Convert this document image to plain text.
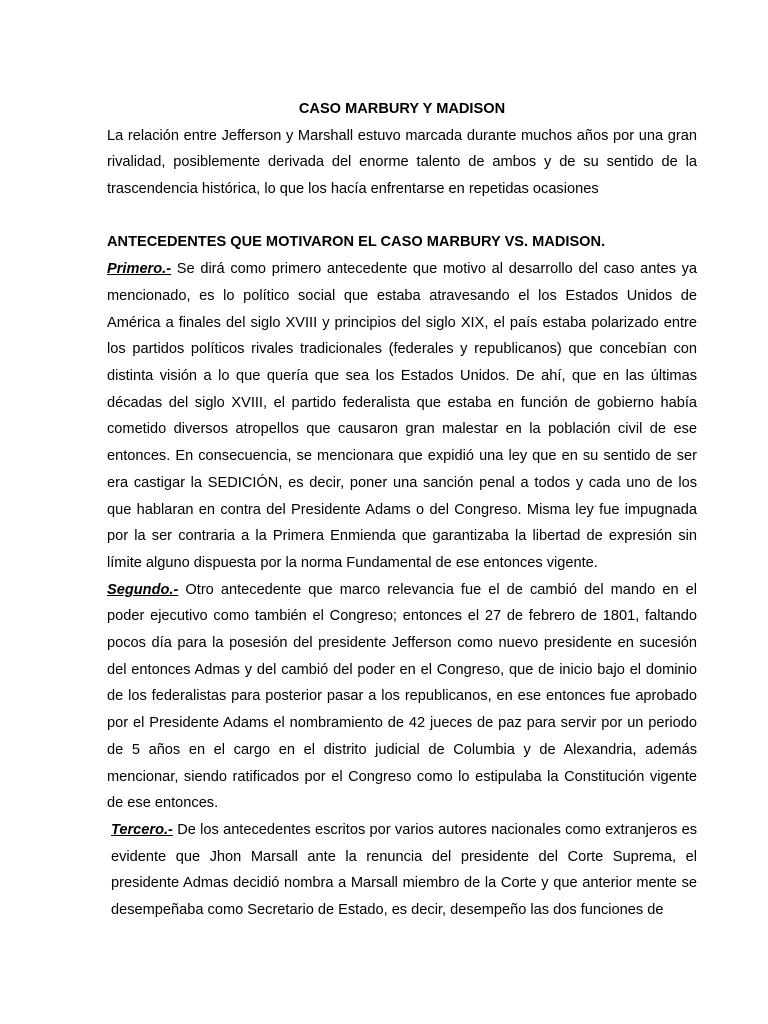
CASO MARBURY Y MADISON

La relación entre Jefferson y Marshall estuvo marcada durante muchos años por una gran rivalidad, posiblemente derivada del enorme talento de ambos y de su sentido de la trascendencia histórica, lo que los hacía enfrentarse en repetidas ocasiones

ANTECEDENTES QUE MOTIVARON EL CASO MARBURY VS. MADISON.

Primero.- Se dirá como primero antecedente que motivo al desarrollo del caso antes ya mencionado, es lo político social que estaba atravesando el los Estados Unidos de América a finales del siglo XVIII y principios del siglo XIX, el país estaba polarizado entre los partidos políticos rivales tradicionales (federales y republicanos) que concebían con distinta visión a lo que quería que sea los Estados Unidos. De ahí, que en las últimas décadas del siglo XVIII, el partido federalista que estaba en función de gobierno había cometido diversos atropellos que causaron gran malestar en la población civil de ese entonces. En consecuencia, se mencionara que expidió una ley que en su sentido de ser era castigar la SEDICIÓN, es decir, poner una sanción penal a todos y cada uno de los que hablaran en contra del Presidente Adams o del Congreso. Misma ley fue impugnada por la ser contraria a la Primera Enmienda que garantizaba la libertad de expresión sin límite alguno dispuesta por la norma Fundamental de ese entonces vigente.

Segundo.- Otro antecedente que marco relevancia fue el de cambió del mando en el poder ejecutivo como también el Congreso; entonces el 27 de febrero de 1801, faltando pocos día para la posesión del presidente Jefferson como nuevo presidente en sucesión del entonces Admas y del cambió del poder en el Congreso, que de inicio bajo el dominio de los federalistas para posterior pasar a los republicanos, en ese entonces fue aprobado por el Presidente Adams el nombramiento de 42 jueces de paz para servir por un periodo de 5 años en el cargo en el distrito judicial de Columbia y de Alexandria, además mencionar, siendo ratificados por el Congreso como lo estipulaba la Constitución vigente de ese entonces.

Tercero.- De los antecedentes escritos por varios autores nacionales como extranjeros es evidente que Jhon Marsall ante la renuncia del presidente del Corte Suprema, el presidente Admas decidió nombra a Marsall miembro de la Corte y que anterior mente se desempeñaba como Secretario de Estado, es decir, desempeño las dos funciones de
